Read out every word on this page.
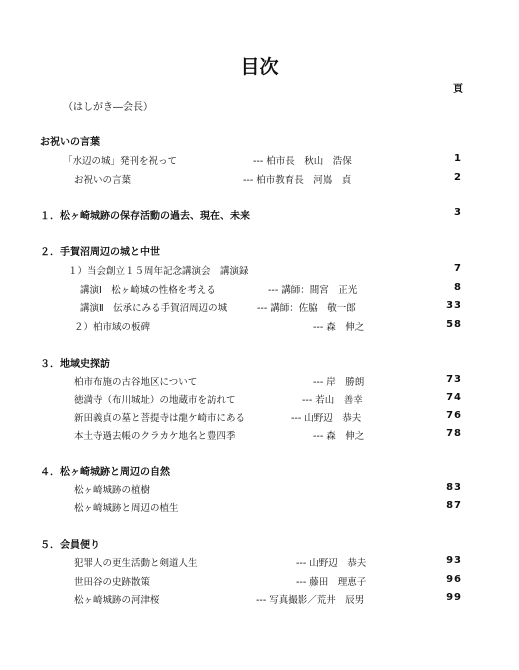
目次
頁
（はしがき―会長）
お祝いの言葉
「水辺の城」発刊を祝って	--- 柏市長　秋山　浩保	1
お祝いの言葉	--- 柏市教育長　河嶌　貞	2
１．松ヶ崎城跡の保存活動の過去、現在、未来	3
２．手賀沼周辺の城と中世
１）当会創立１５周年記念講演会　講演録	7
講演Ⅰ　松ヶ崎城の性格を考える	--- 講師：間宮　正光	8
講演Ⅱ　伝承にみる手賀沼周辺の城	--- 講師：佐脇　敬一郎	33
２）柏市域の板碑	--- 森　伸之	58
３．地域史探訪
柏市布施の古谷地区について	--- 岸　勝朗	73
徳満寺（布川城址）の地蔵市を訪れて	--- 若山　善幸	74
新田義貞の墓と菩提寺は龍ケ崎市にある	--- 山野辺　恭夫	76
本土寺過去帳のクラカケ地名と豊四季	--- 森　伸之	78
４．松ヶ崎城跡と周辺の自然
松ヶ崎城跡の植樹	83
松ヶ崎城跡と周辺の植生	87
５．会員便り
犯罪人の更生活動と剣道人生	--- 山野辺　恭夫	93
世田谷の史跡散策	--- 藤田　理恵子	96
松ヶ崎城跡の河津桜	--- 写真撮影／荒井　辰男	99
